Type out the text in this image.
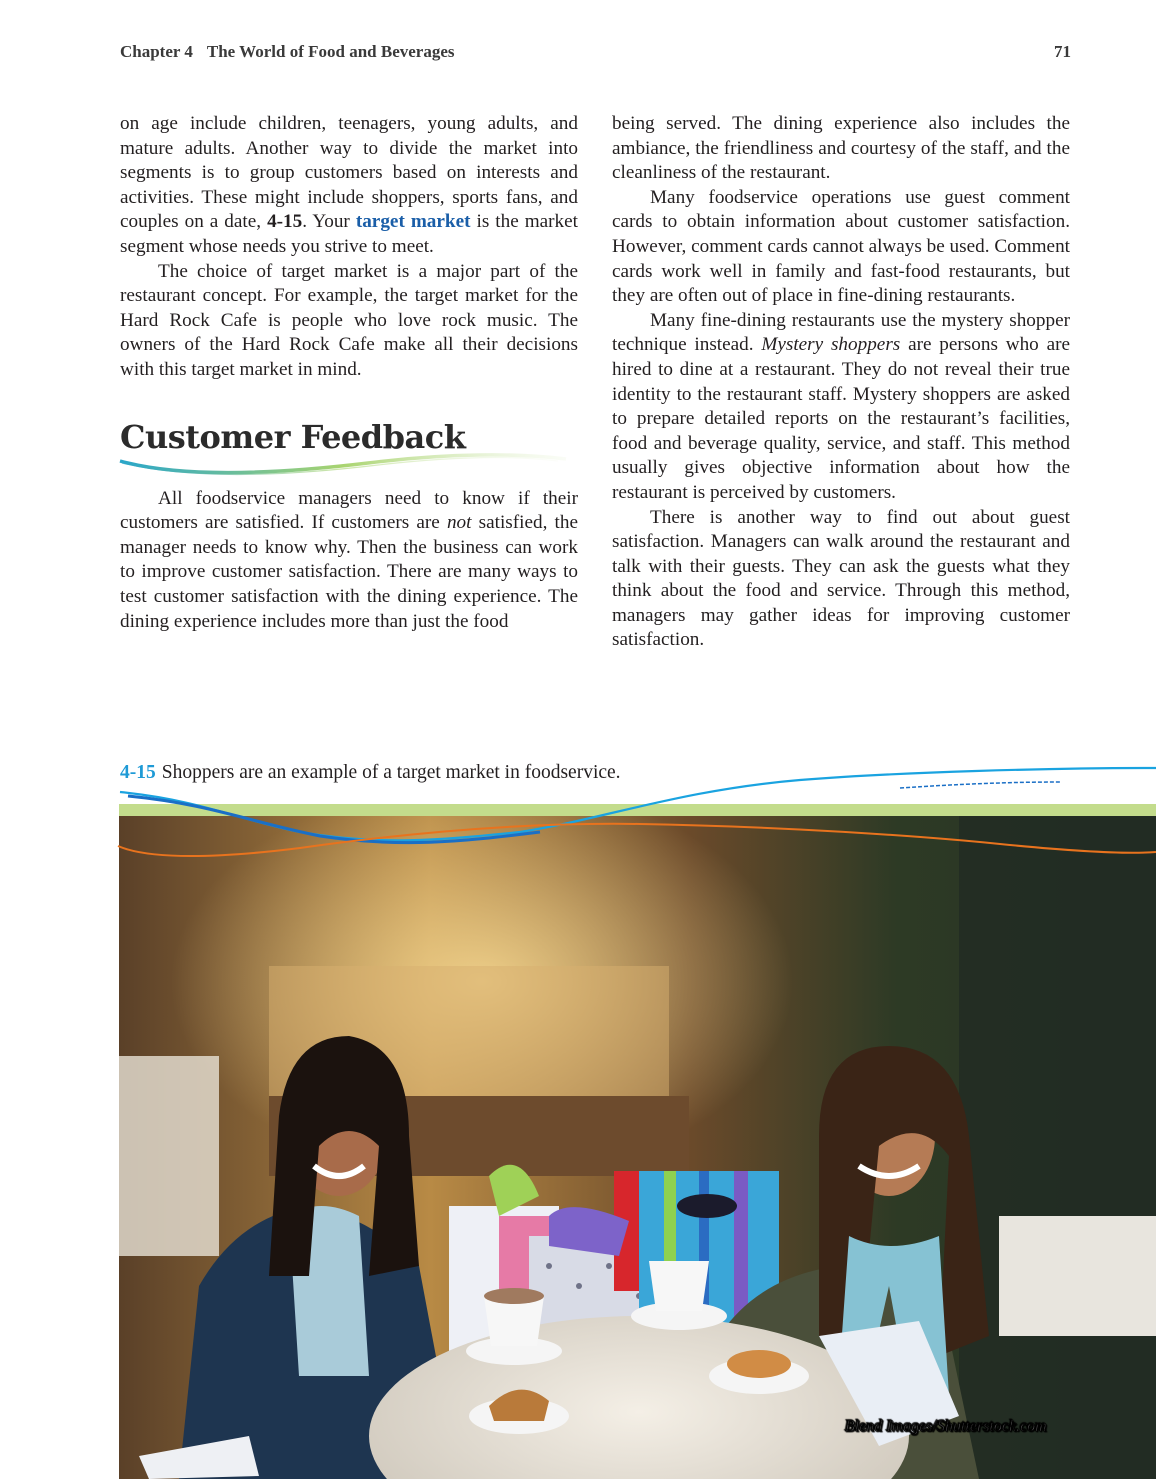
Chapter 4 The World of Food and Beverages	71

on age include children, teenagers, young adults, and mature adults. Another way to divide the market into segments is to group customers based on interests and activities. These might include shoppers, sports fans, and couples on a date, 4-15. Your target market is the market segment whose needs you strive to meet.

The choice of target market is a major part of the restaurant concept. For example, the target market for the Hard Rock Cafe is people who love rock music. The owners of the Hard Rock Cafe make all their decisions with this target market in mind.

Customer Feedback

All foodservice managers need to know if their customers are satisfied. If customers are not satisfied, the manager needs to know why. Then the business can work to improve customer satisfaction. There are many ways to test customer satisfaction with the dining experience. The dining experience includes more than just the food

being served. The dining experience also includes the ambiance, the friendliness and courtesy of the staff, and the cleanliness of the restaurant.

Many foodservice operations use guest comment cards to obtain information about customer satisfaction. However, comment cards cannot always be used. Comment cards work well in family and fast-food restaurants, but they are often out of place in fine-dining restaurants.

Many fine-dining restaurants use the mystery shopper technique instead. Mystery shoppers are persons who are hired to dine at a restaurant. They do not reveal their true identity to the restaurant staff. Mystery shoppers are asked to prepare detailed reports on the restaurant’s facilities, food and beverage quality, service, and staff. This method usually gives objective information about how the restaurant is perceived by customers.

There is another way to find out about guest satisfaction. Managers can walk around the restaurant and talk with their guests. They can ask the guests what they think about the food and service. Through this method, managers may gather ideas for improving customer satisfaction.

4-15 Shoppers are an example of a target market in foodservice.
Blend Images/Shutterstock.com
